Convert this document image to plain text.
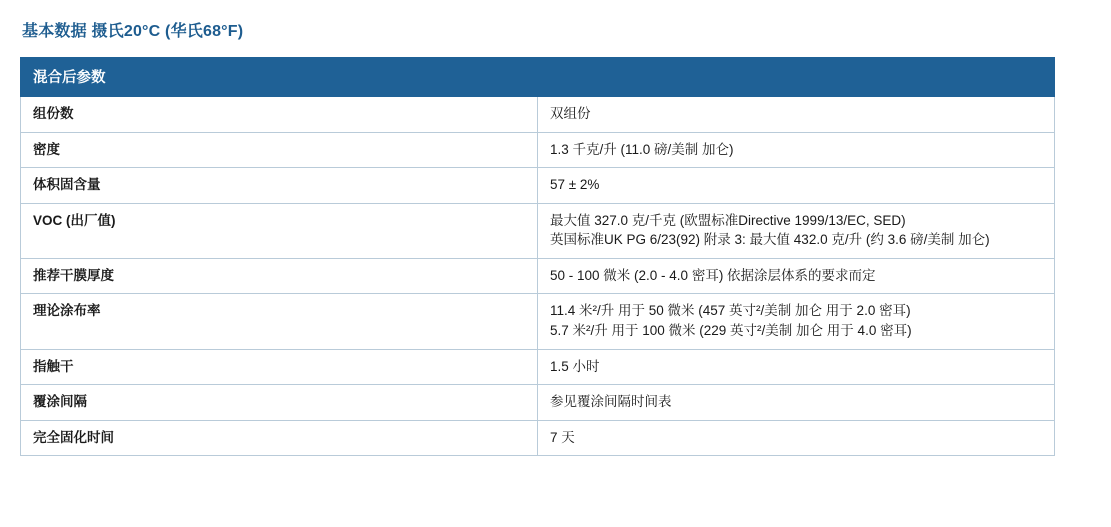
基本数据 摄氏20°C (华氏68°F)
混合后参数	
组份数	双组份

密度	1.3 千克/升 (11.0 磅/美制 加仑)

体积固含量	57 ± 2%

VOC (出厂值)	最大值 327.0 克/千克 (欧盟标准Directive 1999/13/EC, SED)
英国标准UK PG 6/23(92) 附录 3: 最大值 432.0 克/升 (约 3.6 磅/美制 加仑)

推荐干膜厚度	50 - 100 微米 (2.0 - 4.0 密耳) 依据涂层体系的要求而定

理论涂布率	11.4 米²/升 用于 50 微米 (457 英寸²/美制 加仑 用于 2.0 密耳)
5.7 米²/升 用于 100 微米 (229 英寸²/美制 加仑 用于 4.0 密耳)

指触干	1.5 小时

覆涂间隔	参见覆涂间隔时间表

完全固化时间	7 天
